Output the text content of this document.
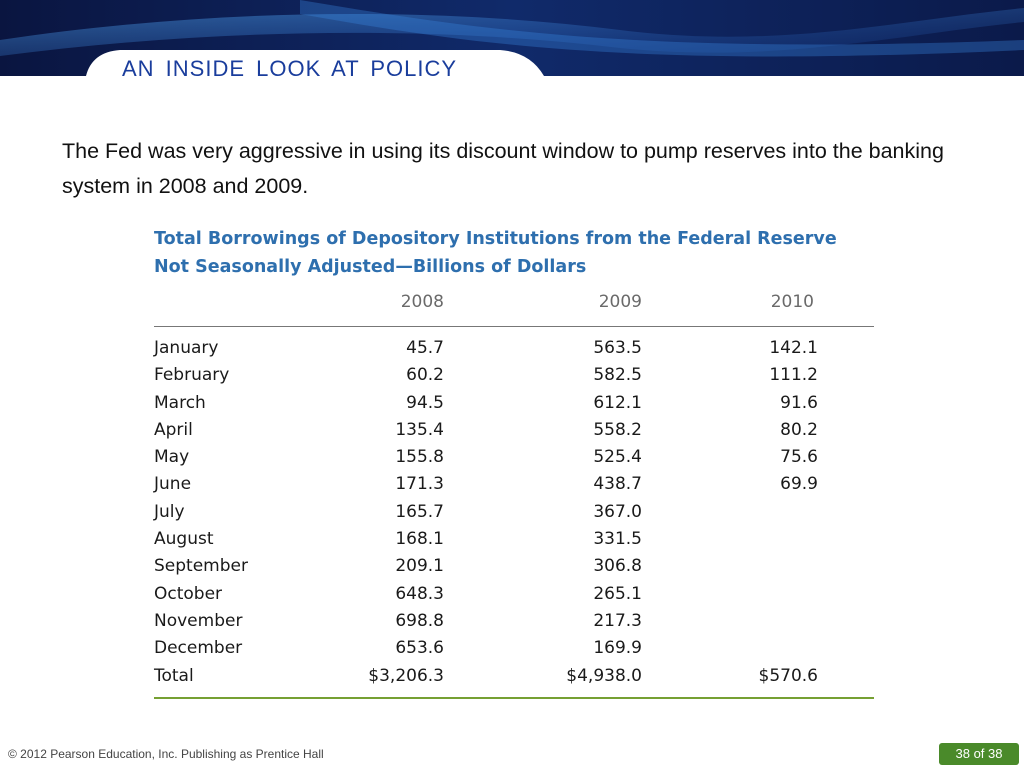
AN INSIDE LOOK AT POLICY
The Fed was very aggressive in using its discount window to pump reserves into the banking system in 2008 and 2009.
Total Borrowings of Depository Institutions from the Federal Reserve
Not Seasonally Adjusted—Billions of Dollars
2008	2009	2010
January	45.7	563.5	142.1
February	60.2	582.5	111.2
March	94.5	612.1	91.6
April	135.4	558.2	80.2
May	155.8	525.4	75.6
June	171.3	438.7	69.9
July	165.7	367.0
August	168.1	331.5
September	209.1	306.8
October	648.3	265.1
November	698.8	217.3
December	653.6	169.9
Total	$3,206.3	$4,938.0	$570.6
© 2012 Pearson Education, Inc. Publishing as Prentice Hall	38 of 38
